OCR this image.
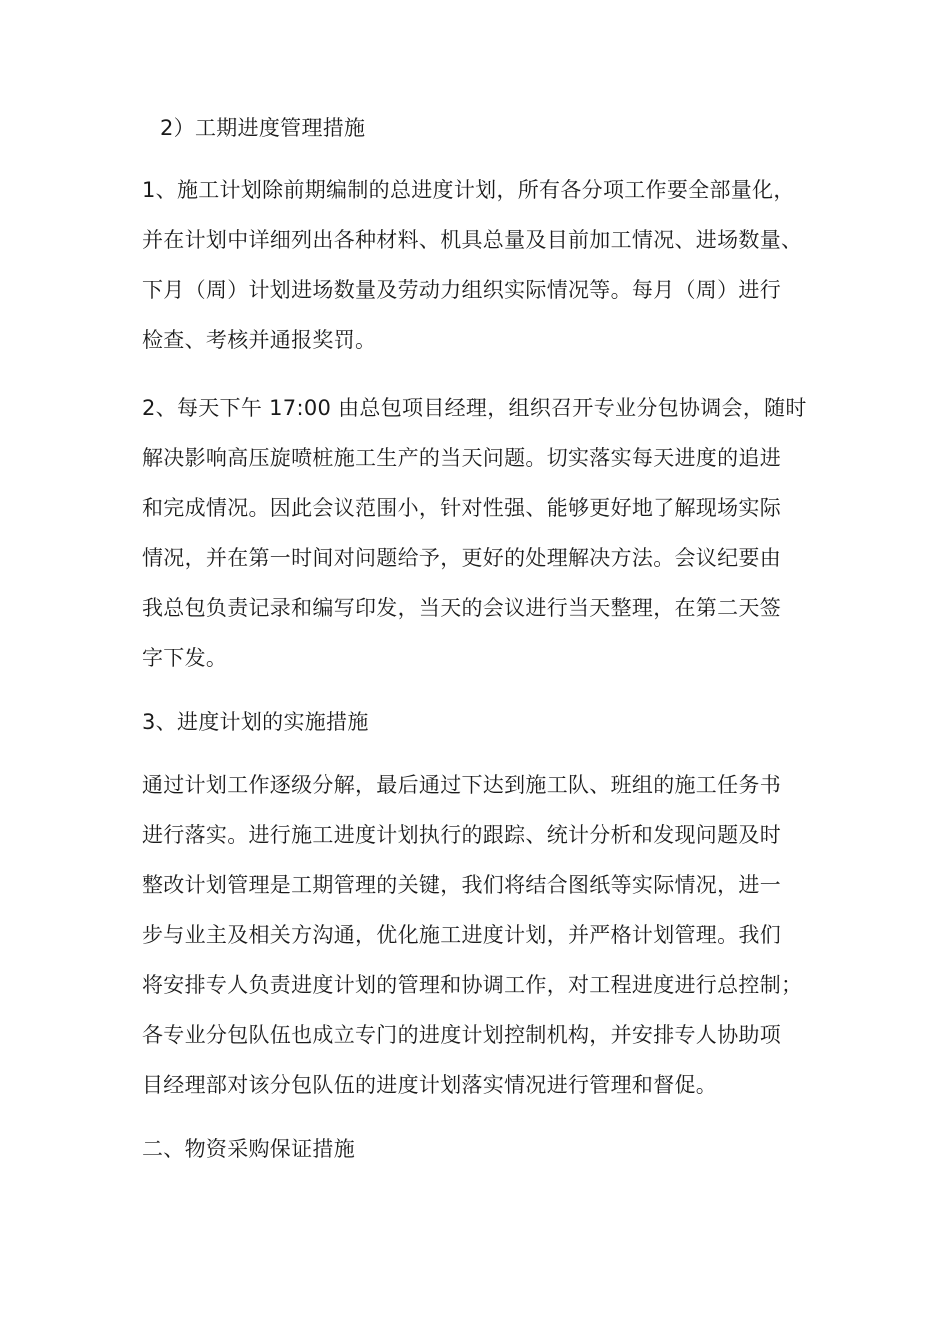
2）工期进度管理措施
1、施工计划除前期编制的总进度计划，所有各分项工作要全部量化，
并在计划中详细列出各种材料、机具总量及目前加工情况、进场数量、
下月（周）计划进场数量及劳动力组织实际情况等。每月（周）进行
检查、考核并通报奖罚。
2、每天下午 17:00 由总包项目经理，组织召开专业分包协调会，随时
解决影响高压旋喷桩施工生产的当天问题。切实落实每天进度的追进
和完成情况。因此会议范围小，针对性强、能够更好地了解现场实际
情况，并在第一时间对问题给予，更好的处理解决方法。会议纪要由
我总包负责记录和编写印发，当天的会议进行当天整理，在第二天签
字下发。
3、进度计划的实施措施
通过计划工作逐级分解，最后通过下达到施工队、班组的施工任务书
进行落实。进行施工进度计划执行的跟踪、统计分析和发现问题及时
整改计划管理是工期管理的关键，我们将结合图纸等实际情况，进一
步与业主及相关方沟通，优化施工进度计划，并严格计划管理。我们
将安排专人负责进度计划的管理和协调工作，对工程进度进行总控制；
各专业分包队伍也成立专门的进度计划控制机构，并安排专人协助项
目经理部对该分包队伍的进度计划落实情况进行管理和督促。
二、物资采购保证措施
